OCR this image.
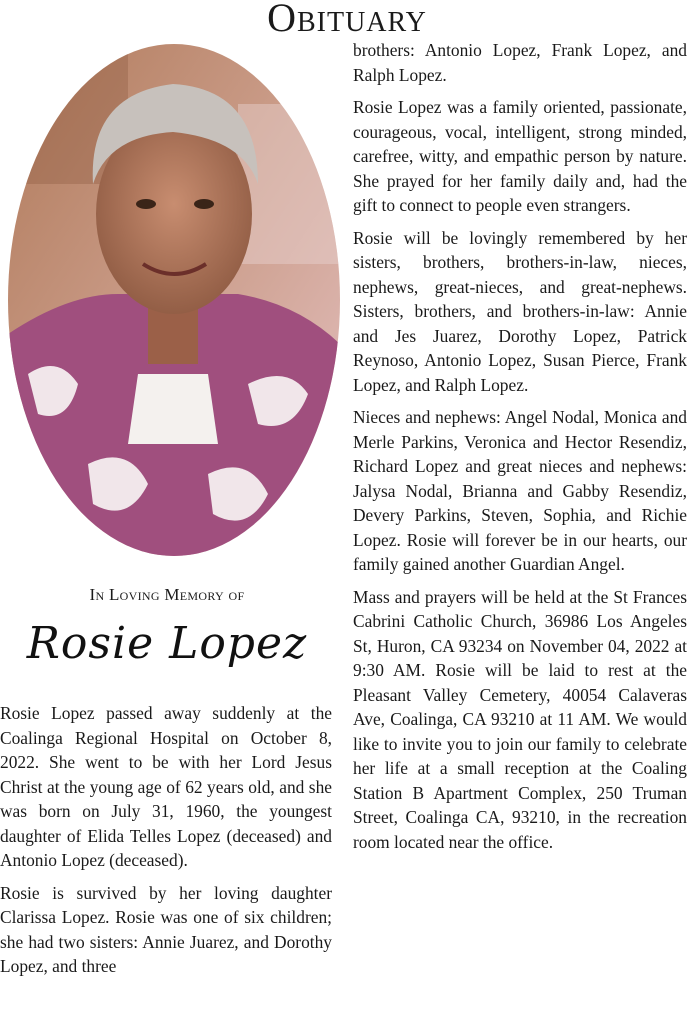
Obituary
In Loving Memory of
Rosie Lopez

Rosie Lopez passed away suddenly at the Coalinga Regional Hospital on October 8, 2022. She went to be with her Lord Jesus Christ at the young age of 62 years old, and she was born on July 31, 1960, the youngest daughter of Elida Telles Lopez (deceased) and Antonio Lopez (deceased).

Rosie is survived by her loving daughter Clarissa Lopez. Rosie was one of six children; she had two sisters: Annie Juarez, and Dorothy Lopez, and three

brothers: Antonio Lopez, Frank Lopez, and Ralph Lopez.

Rosie Lopez was a family oriented, passionate, courageous, vocal, intelligent, strong minded, carefree, witty, and empathic person by nature. She prayed for her family daily and, had the gift to connect to people even strangers.

Rosie will be lovingly remembered by her sisters, brothers, brothers-in-law, nieces, nephews, great-nieces, and great-nephews. Sisters, brothers, and brothers-in-law: Annie and Jes Juarez, Dorothy Lopez, Patrick Reynoso, Antonio Lopez, Susan Pierce, Frank Lopez, and Ralph Lopez.

Nieces and nephews: Angel Nodal, Monica and Merle Parkins, Veronica and Hector Resendiz, Richard Lopez and great nieces and nephews: Jalysa Nodal, Brianna and Gabby Resendiz, Devery Parkins, Steven, Sophia, and Richie Lopez. Rosie will forever be in our hearts, our family gained another Guardian Angel.

Mass and prayers will be held at the St Frances Cabrini Catholic Church, 36986 Los Angeles St, Huron, CA 93234 on November 04, 2022 at 9:30 AM. Rosie will be laid to rest at the Pleasant Valley Cemetery, 40054 Calaveras Ave, Coalinga, CA 93210 at 11 AM. We would like to invite you to join our family to celebrate her life at a small reception at the Coaling Station B Apartment Complex, 250 Truman Street, Coalinga CA, 93210, in the recreation room located near the office.
